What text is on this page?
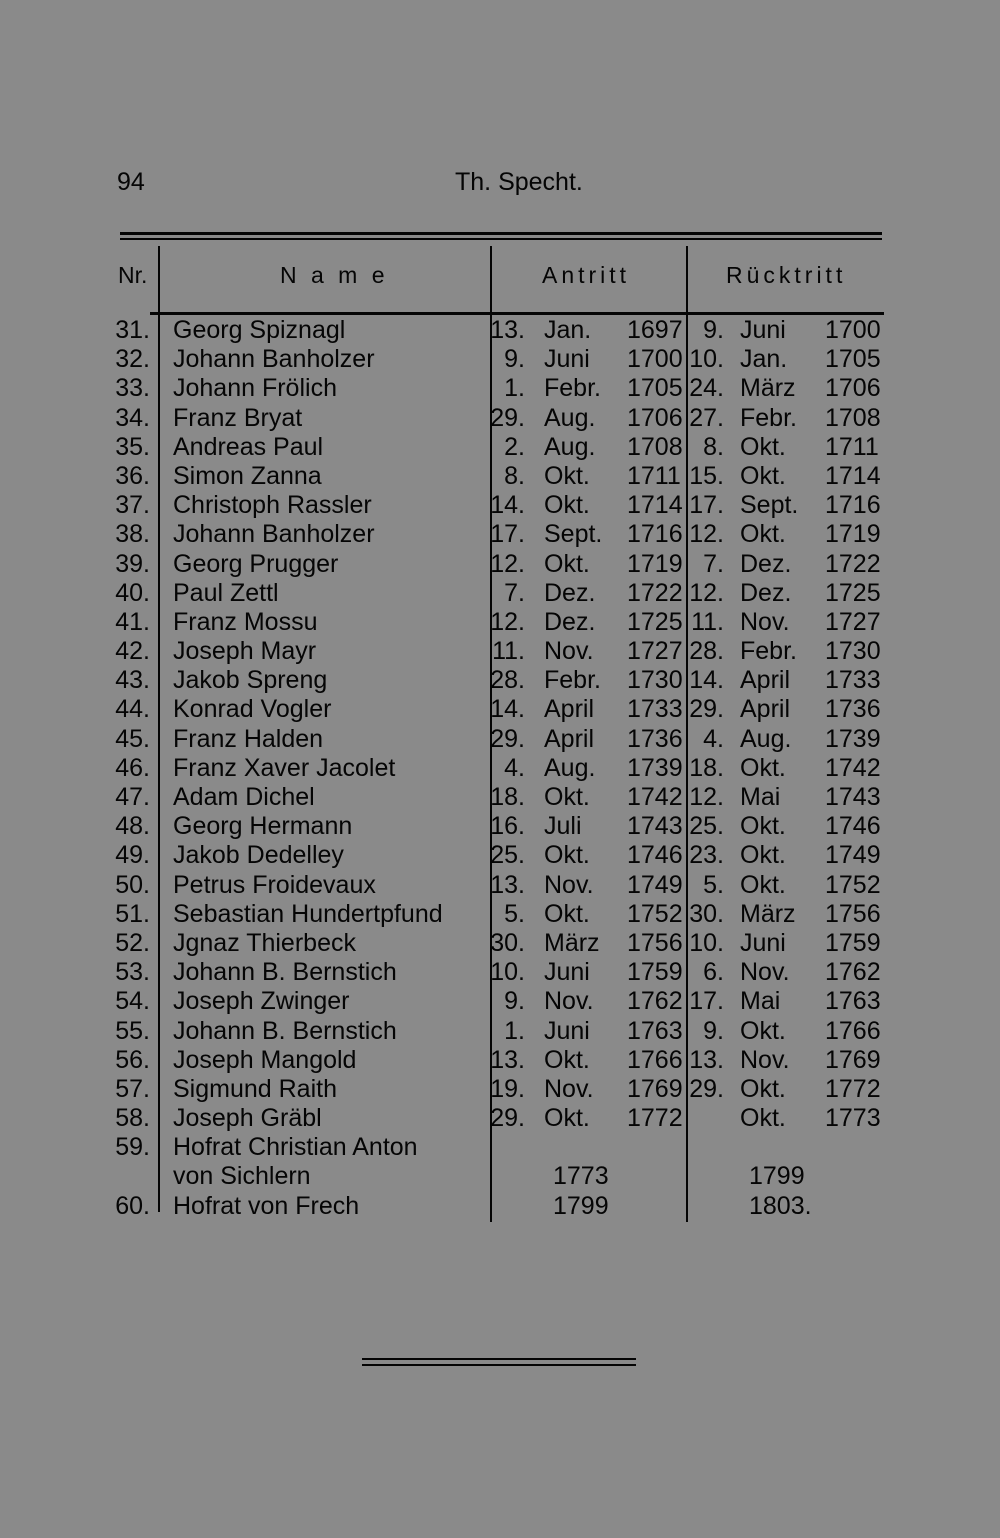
94	Th. Specht.
Nr.	N a m e	Antritt	Rücktritt
31. Georg Spiznagl	13. Jan. 1697 9. Juni 1700
32. Johann Banholzer	9. Juni 1700 10. Jan. 1705
33. Johann Frölich	1. Febr. 1705 24. März 1706
34. Franz Bryat	29. Aug. 1706 27. Febr. 1708
35. Andreas Paul	2. Aug. 1708 8. Okt. 1711
36. Simon Zanna	8. Okt. 1711 15. Okt. 1714
37. Christoph Rassler	14. Okt. 1714 17. Sept. 1716
38. Johann Banholzer	17. Sept. 1716 12. Okt. 1719
39. Georg Prugger	12. Okt. 1719 7. Dez. 1722
40. Paul Zettl	7. Dez. 1722 12. Dez. 1725
41. Franz Mossu	12. Dez. 1725 11. Nov. 1727
42. Joseph Mayr	11. Nov. 1727 28. Febr. 1730
43. Jakob Spreng	28. Febr. 1730 14. April 1733
44. Konrad Vogler	14. April 1733 29. April 1736
45. Franz Halden	29. April 1736 4. Aug. 1739
46. Franz Xaver Jacolet	4. Aug. 1739 18. Okt. 1742
47. Adam Dichel	18. Okt. 1742 12. Mai 1743
48. Georg Hermann	16. Juli 1743 25. Okt. 1746
49. Jakob Dedelley	25. Okt. 1746 23. Okt. 1749
50. Petrus Froidevaux	13. Nov. 1749 5. Okt. 1752
51. Sebastian Hundertpfund	5. Okt. 1752 30. März 1756
52. Jgnaz Thierbeck	30. März 1756 10. Juni 1759
53. Johann B. Bernstich	10. Juni 1759 6. Nov. 1762
54. Joseph Zwinger	9. Nov. 1762 17. Mai 1763
55. Johann B. Bernstich	1. Juni 1763 9. Okt. 1766
56. Joseph Mangold	13. Okt. 1766 13. Nov. 1769
57. Sigmund Raith	19. Nov. 1769 29. Okt. 1772
58. Joseph Gräbl	29. Okt. 1772 Okt. 1773
59. Hofrat Christian Anton
von Sichlern	1773	1799
60. Hofrat von Frech	1799	1803.
